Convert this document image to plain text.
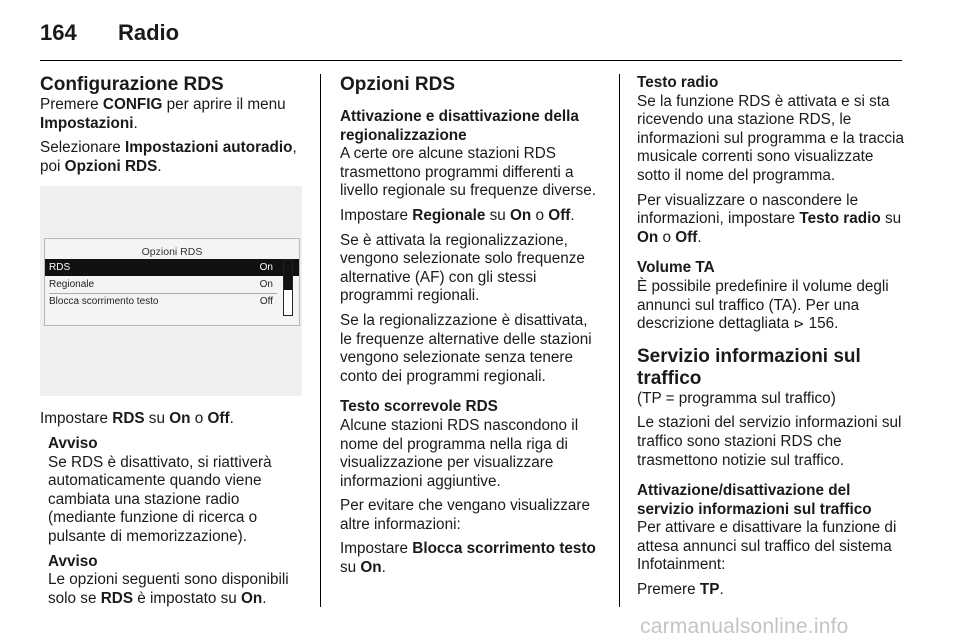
164 Radio
Configurazione RDS

Premere CONFIG per aprire il menu Impostazioni.

Selezionare Impostazioni autoradio, poi Opzioni RDS.

Opzioni RDS
RDS	On
Regionale	On
Blocca scorrimento testo	Off

Impostare RDS su On o Off.

Avviso

Se RDS è disattivato, si riattiverà automaticamente quando viene cambiata una stazione radio (mediante funzione di ricerca o pulsante di memorizzazione).

Avviso

Le opzioni seguenti sono disponibili solo se RDS è impostato su On.

Opzioni RDS
Attivazione e disattivazione della regionalizzazione

A certe ore alcune stazioni RDS trasmettono programmi differenti a livello regionale su frequenze diverse.

Impostare Regionale su On o Off.

Se è attivata la regionalizzazione, vengono selezionate solo frequenze alternative (AF) con gli stessi programmi regionali.

Se la regionalizzazione è disattivata, le frequenze alternative delle stazioni vengono selezionate senza tenere conto dei programmi regionali.

Testo scorrevole RDS

Alcune stazioni RDS nascondono il nome del programma nella riga di visualizzazione per visualizzare informazioni aggiuntive.

Per evitare che vengano visualizzare altre informazioni:

Impostare Blocca scorrimento testo su On.

Testo radio

Se la funzione RDS è attivata e si sta ricevendo una stazione RDS, le informazioni sul programma e la traccia musicale correnti sono visualizzate sotto il nome del programma.

Per visualizzare o nascondere le informazioni, impostare Testo radio su On o Off.

Volume TA

È possibile predefinire il volume degli annunci sul traffico (TA). Per una descrizione dettagliata ⊳ 156.

Servizio informazioni sul traffico

(TP = programma sul traffico)

Le stazioni del servizio informazioni sul traffico sono stazioni RDS che trasmettono notizie sul traffico.

Attivazione/disattivazione del servizio informazioni sul traffico

Per attivare e disattivare la funzione di attesa annunci sul traffico del sistema Infotainment:

Premere TP.

carmanualsonline.info
